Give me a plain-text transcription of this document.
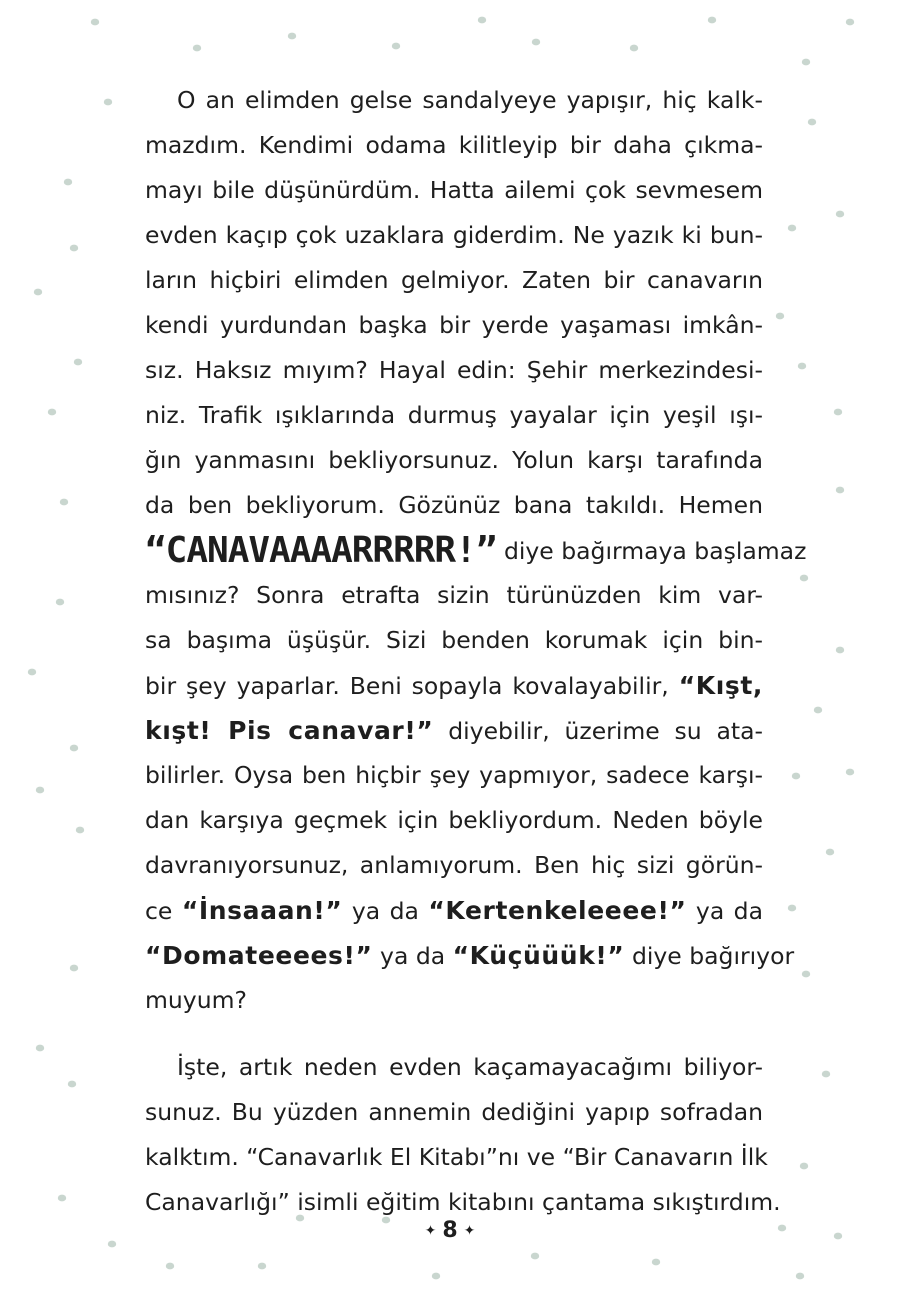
O an elimden gelse sandalyeye yapışır, hiç kalk-
mazdım. Kendimi odama kilitleyip bir daha çıkma-
mayı bile düşünürdüm. Hatta ailemi çok sevmesem
evden kaçıp çok uzaklara giderdim. Ne yazık ki bun-
ların hiçbiri elimden gelmiyor. Zaten bir canavarın
kendi yurdundan başka bir yerde yaşaması imkân-
sız. Haksız mıyım? Hayal edin: Şehir merkezindesi-
niz. Trafik ışıklarında durmuş yayalar için yeşil ışı-
ğın yanmasını bekliyorsunuz. Yolun karşı tarafında
da ben bekliyorum. Gözünüz bana takıldı. Hemen
“CANAVAAAARRRRR!” diye bağırmaya başlamaz
mısınız? Sonra etrafta sizin türünüzden kim var-
sa başıma üşüşür. Sizi benden korumak için bin-
bir şey yaparlar. Beni sopayla kovalayabilir, “Kışt,
kışt! Pis canavar!” diyebilir, üzerime su ata-
bilirler. Oysa ben hiçbir şey yapmıyor, sadece karşı-
dan karşıya geçmek için bekliyordum. Neden böyle
davranıyorsunuz, anlamıyorum. Ben hiç sizi görün-
ce “İnsaaan!” ya da “Kertenkeleeee!” ya da
“Domateeees!” ya da “Küçüüük!” diye bağırıyor
muyum?
İşte, artık neden evden kaçamayacağımı biliyor-
sunuz. Bu yüzden annemin dediğini yapıp sofradan
kalktım. “Canavarlık El Kitabı”nı ve “Bir Canavarın İlk
Canavarlığı” isimli eğitim kitabını çantama sıkıştırdım.
✦ 8 ✦
